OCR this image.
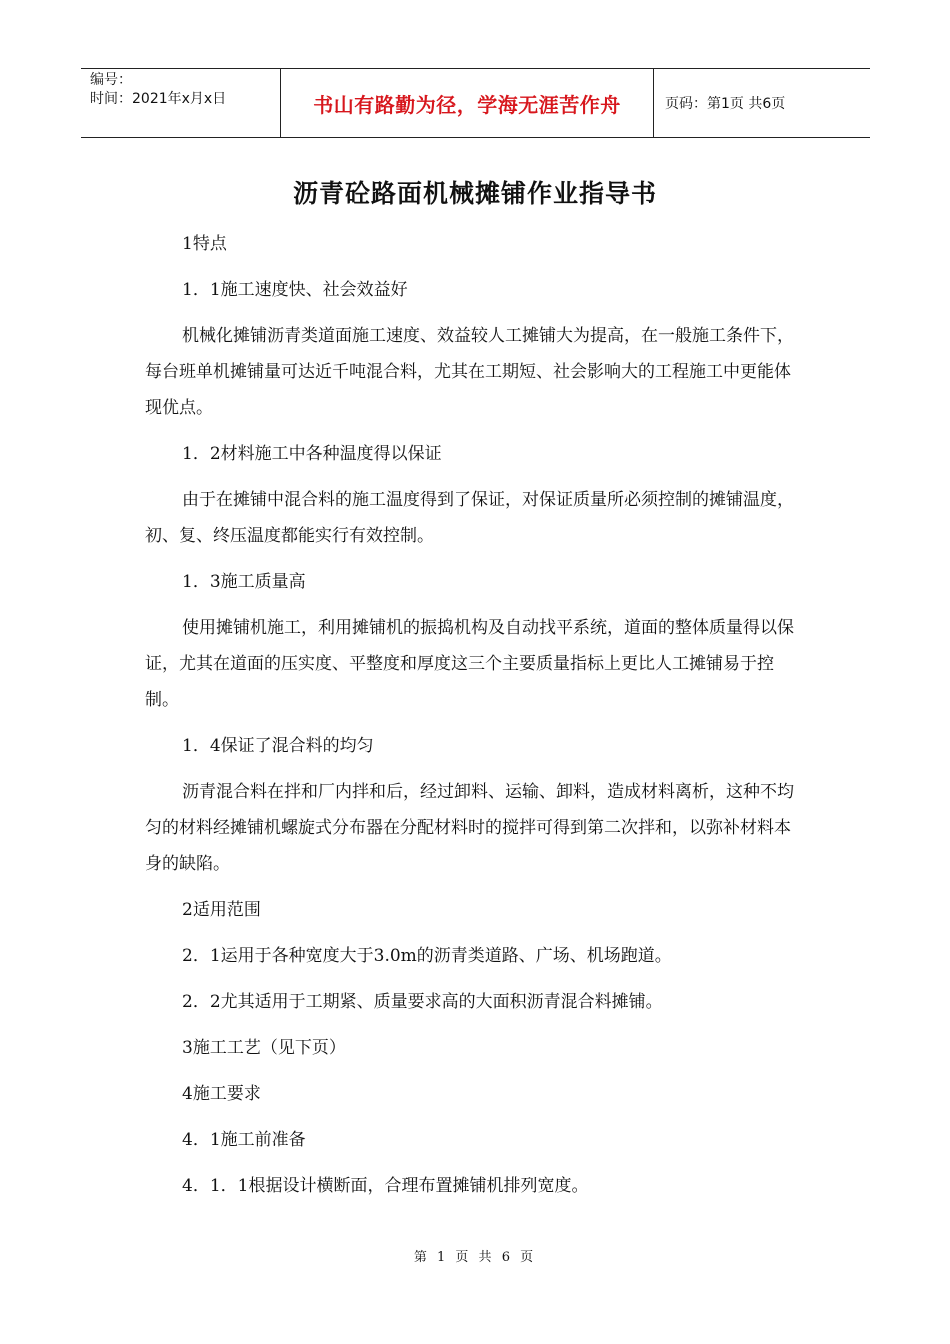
编号：
时间：2021年x月x日	书山有路勤为径，学海无涯苦作舟	页码：第1页 共6页
沥青砼路面机械摊铺作业指导书

1特点

1．1施工速度快、社会效益好

机械化摊铺沥青类道面施工速度、效益较人工摊铺大为提高，在一般施工条件下，每台班单机摊铺量可达近千吨混合料，尤其在工期短、社会影响大的工程施工中更能体现优点。

1．2材料施工中各种温度得以保证

由于在摊铺中混合料的施工温度得到了保证，对保证质量所必须控制的摊铺温度，初、复、终压温度都能实行有效控制。

1．3施工质量高

使用摊铺机施工，利用摊铺机的振捣机构及自动找平系统，道面的整体质量得以保证，尤其在道面的压实度、平整度和厚度这三个主要质量指标上更比人工摊铺易于控制。

1．4保证了混合料的均匀

沥青混合料在拌和厂内拌和后，经过卸料、运输、卸料，造成材料离析，这种不均匀的材料经摊铺机螺旋式分布器在分配材料时的搅拌可得到第二次拌和，以弥补材料本身的缺陷。

2适用范围

2．1运用于各种宽度大于3.0m的沥青类道路、广场、机场跑道。

2．2尤其适用于工期紧、质量要求高的大面积沥青混合料摊铺。

3施工工艺（见下页）

4施工要求

4．1施工前准备

4．1．1根据设计横断面，合理布置摊铺机排列宽度。

第 1 页 共 6 页
